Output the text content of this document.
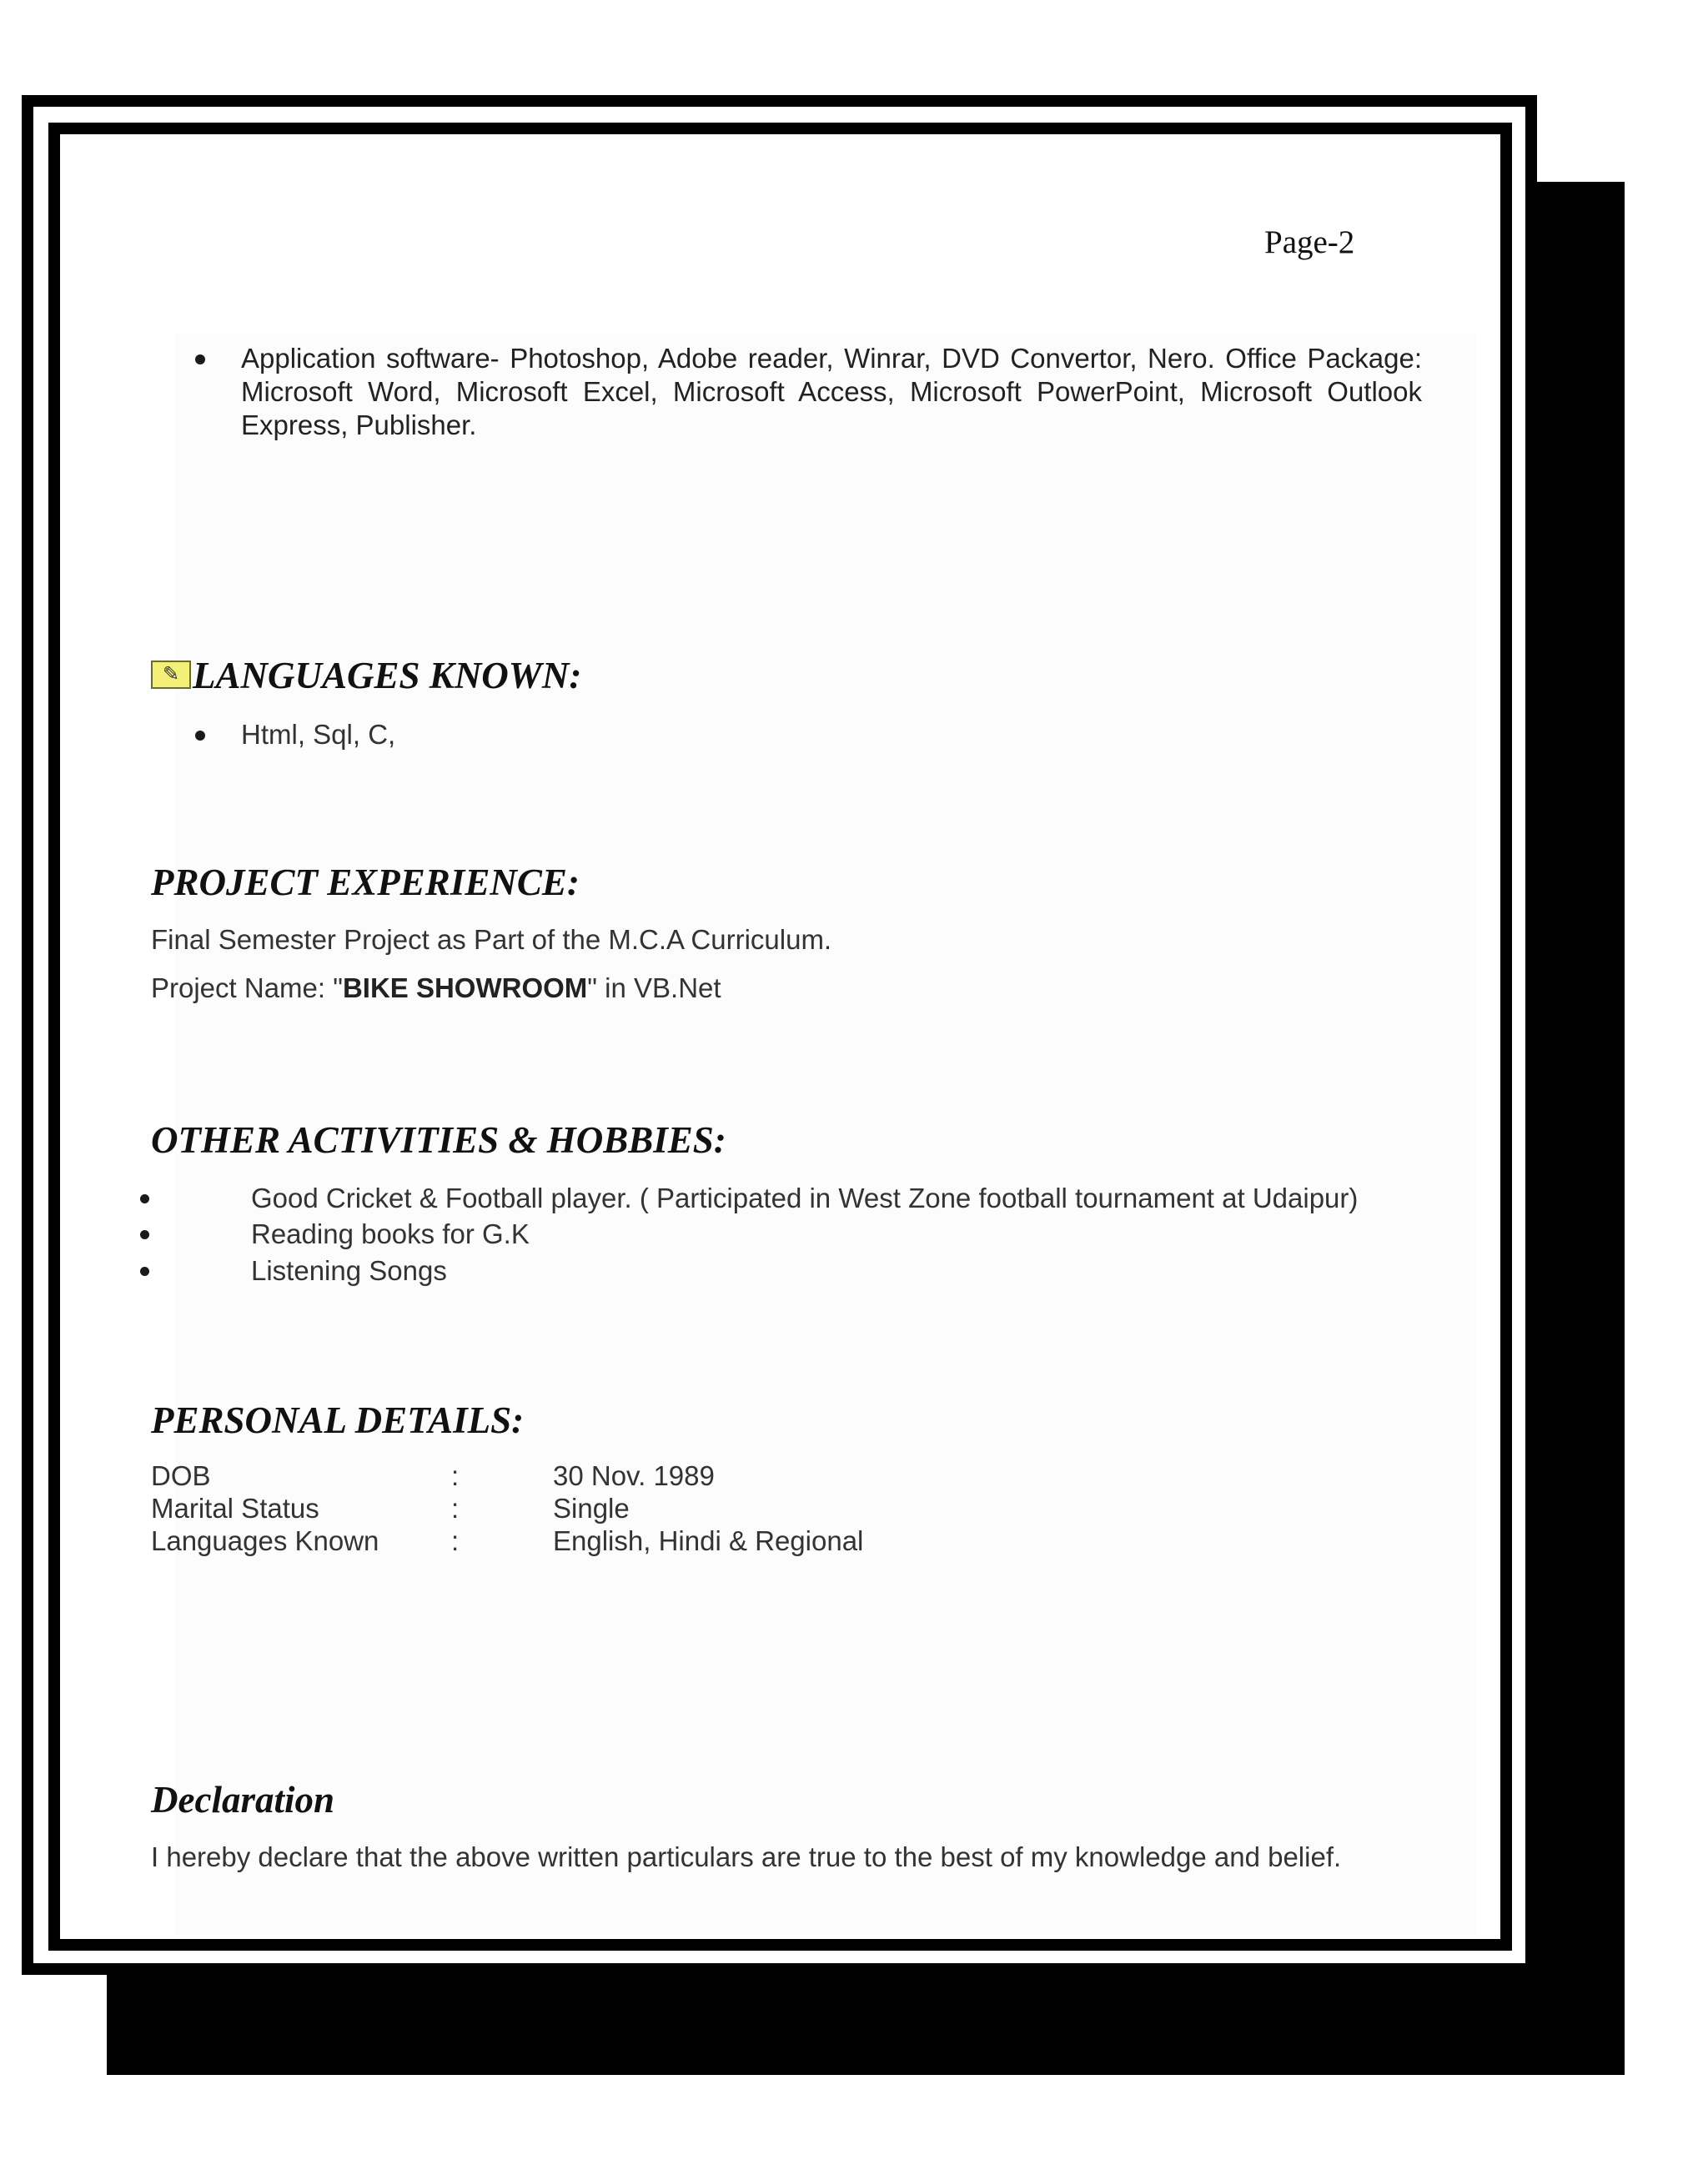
Page-2
Application software- Photoshop, Adobe reader, Winrar, DVD Convertor, Nero. Office Package: Microsoft Word, Microsoft Excel, Microsoft Access, Microsoft PowerPoint, Microsoft Outlook Express, Publisher.
✎ LANGUAGES KNOWN:
Html, Sql, C,
PROJECT EXPERIENCE:
Final Semester Project as Part of the M.C.A Curriculum.
Project Name: "BIKE SHOWROOM" in VB.Net
OTHER ACTIVITIES & HOBBIES:
Good Cricket & Football player. ( Participated in West Zone football tournament at Udaipur)
Reading books for G.K
Listening Songs
PERSONAL DETAILS:
DOB	:	30 Nov. 1989
Marital Status	:	Single
Languages Known	:	English, Hindi & Regional
Declaration
I hereby declare that the above written particulars are true to the best of my knowledge and belief.
